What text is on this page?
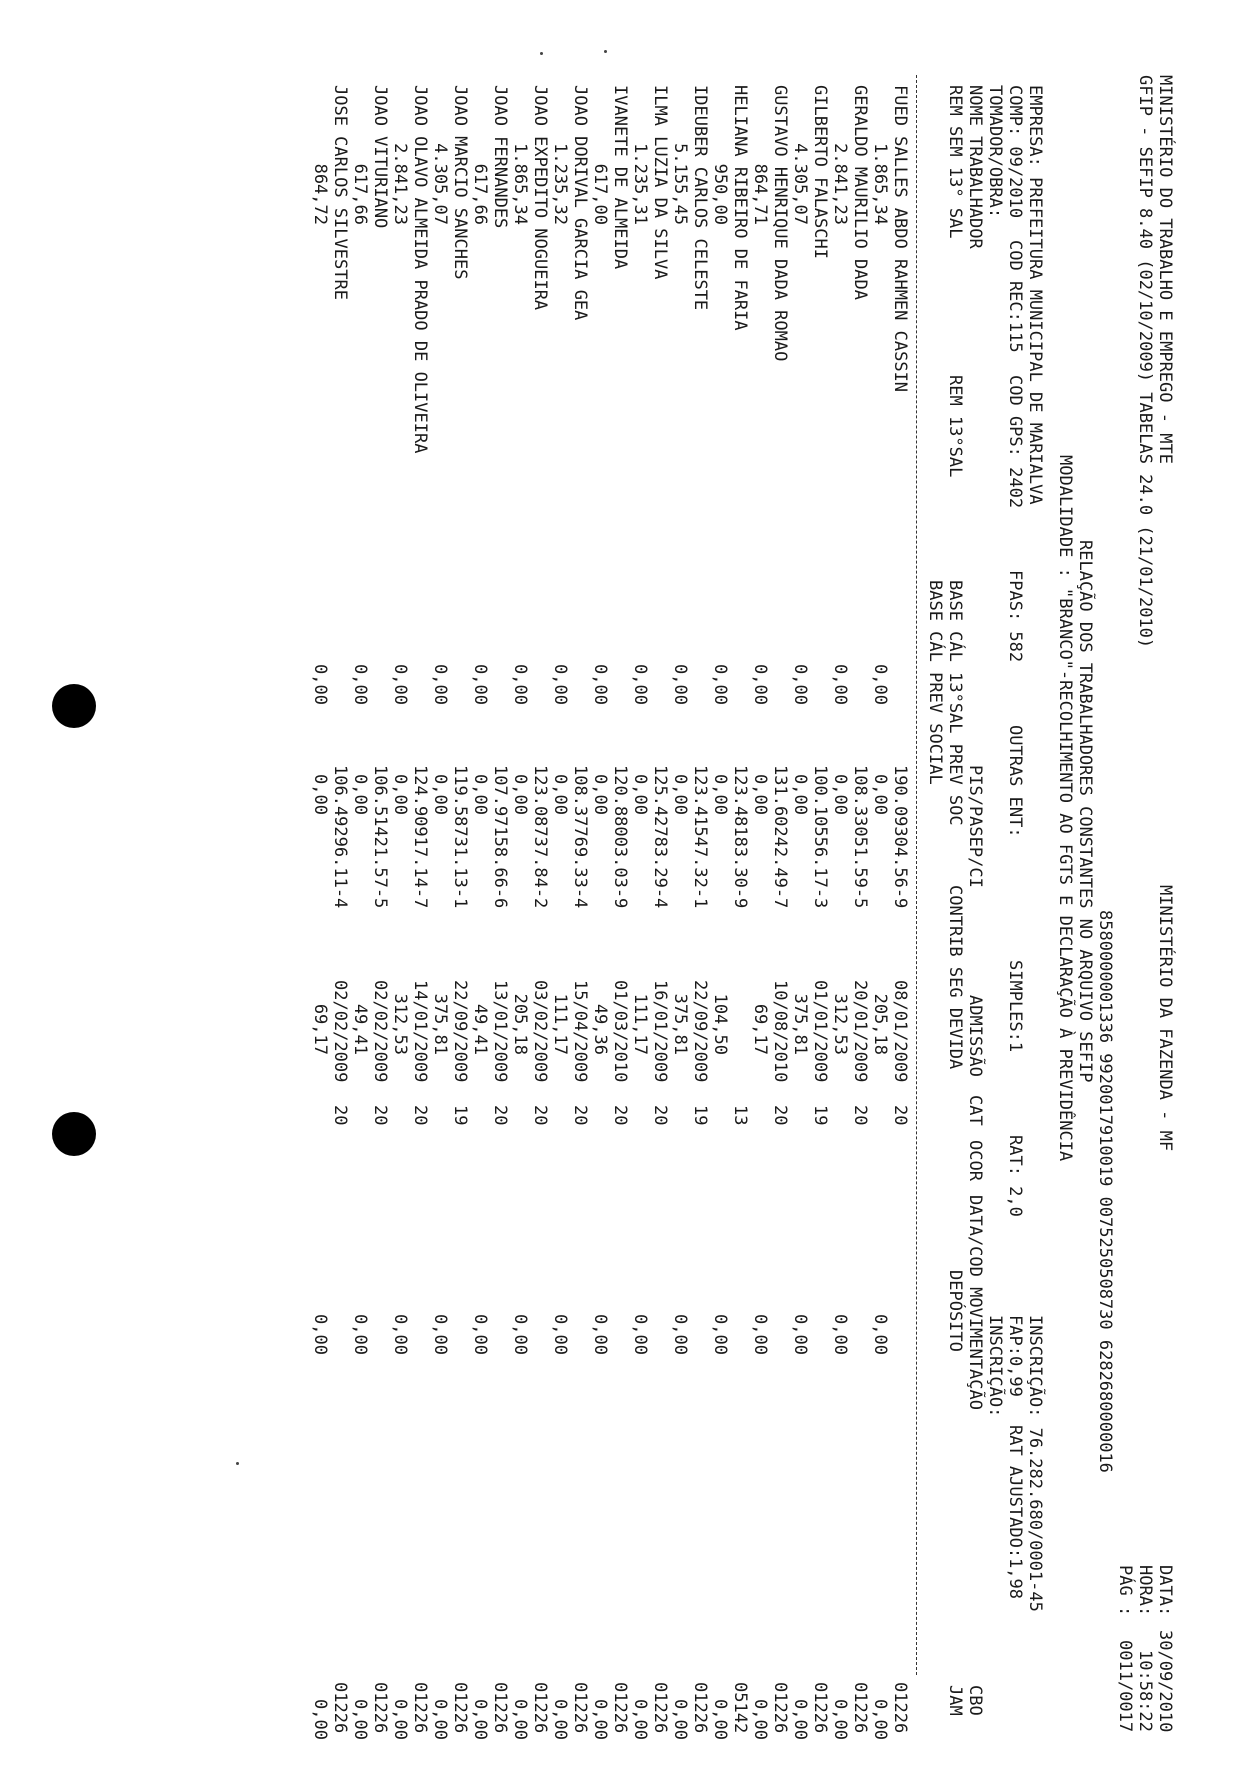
MINISTÉRIO DO TRABALHO E EMPREGO - MTE

MINISTÉRIO DA FAZENDA - MF

DATA:

30/09/2010

GFIP - SEFIP 8.40 (02/10/2009) TABELAS 24.0 (21/01/2010)

HORA:

10:58:22

PÁG :

0011/0017

8580000001336 9920017910019 0075250508730 6282680000016

RELAÇÃO DOS TRABALHADORES CONSTANTES NO ARQUIVO SEFIP

MODALIDADE : "BRANCO"-RECOLHIMENTO AO FGTS E DECLARAÇÃO À PREVIDÊNCIA

EMPRESA: PREFEITURA MUNICIPAL DE MARIALVA

INSCRIÇÃO: 76.282.680/0001-45

COMP: 09/2010

COD REC:115

COD GPS: 2402

FPAS: 582

OUTRAS ENT:

SIMPLES:1

RAT: 2,0

FAP:0,99

RAT AJUSTADO:1,98

TOMADOR/OBRA:

INSCRIÇÃO:

NOME TRABALHADOR

PIS/PASEP/CI

ADMISSÃO

CAT

OCOR

DATA/COD MOVIMENTAÇÃO

CBO

REM SEM 13° SAL

REM 13°SAL

BASE CÁL 13°SAL PREV SOC

CONTRIB SEG DEVIDA

DEPÓSITO

JAM

BASE CÁL PREV SOCIAL

FUED SALLES ABDO RAHMEN CASSIN
190.09304.56-9
08/01/2009
20
01226
1.865,34
0,00
0,00
205,18
0,00
0,00
GERALDO MAURILIO DADA
108.33051.59-5
20/01/2009
20
01226
2.841,23
0,00
0,00
312,53
0,00
0,00
GILBERTO FALASCHI
100.10556.17-3
01/01/2009
19
01226
4.305,07
0,00
0,00
375,81
0,00
0,00
GUSTAVO HENRIQUE DADA ROMAO
131.60242.49-7
10/08/2010
20
01226
864,71
0,00
0,00
69,17
0,00
0,00
HELIANA RIBEIRO DE FARIA
123.48183.30-9
13
05142
950,00
0,00
0,00
104,50
0,00
0,00
IDEUBER CARLOS CELESTE
123.41547.32-1
22/09/2009
19
01226
5.155,45
0,00
0,00
375,81
0,00
0,00
ILMA LUZIA DA SILVA
125.42783.29-4
16/01/2009
20
01226
1.235,31
0,00
0,00
111,17
0,00
0,00
IVANETE DE ALMEIDA
120.88003.03-9
01/03/2010
20
01226
617,00
0,00
0,00
49,36
0,00
0,00
JOAO DORIVAL GARCIA GEA
108.37769.33-4
15/04/2009
20
01226
1.235,32
0,00
0,00
111,17
0,00
0,00
JOAO EXPEDITO NOGUEIRA
123.08737.84-2
03/02/2009
20
01226
1.865,34
0,00
0,00
205,18
0,00
0,00
JOAO FERNANDES
107.97158.66-6
13/01/2009
20
01226
617,66
0,00
0,00
49,41
0,00
0,00
JOAO MARCIO SANCHES
119.58731.13-1
22/09/2009
19
01226
4.305,07
0,00
0,00
375,81
0,00
0,00
JOAO OLAVO ALMEIDA PRADO DE OLIVEIRA
124.90917.14-7
14/01/2009
20
01226
2.841,23
0,00
0,00
312,53
0,00
0,00
JOAO VITURIANO
106.51421.57-5
02/02/2009
20
01226
617,66
0,00
0,00
49,41
0,00
0,00
JOSE CARLOS SILVESTRE
106.49296.11-4
02/02/2009
20
01226
864,72
0,00
0,00
69,17
0,00
0,00
